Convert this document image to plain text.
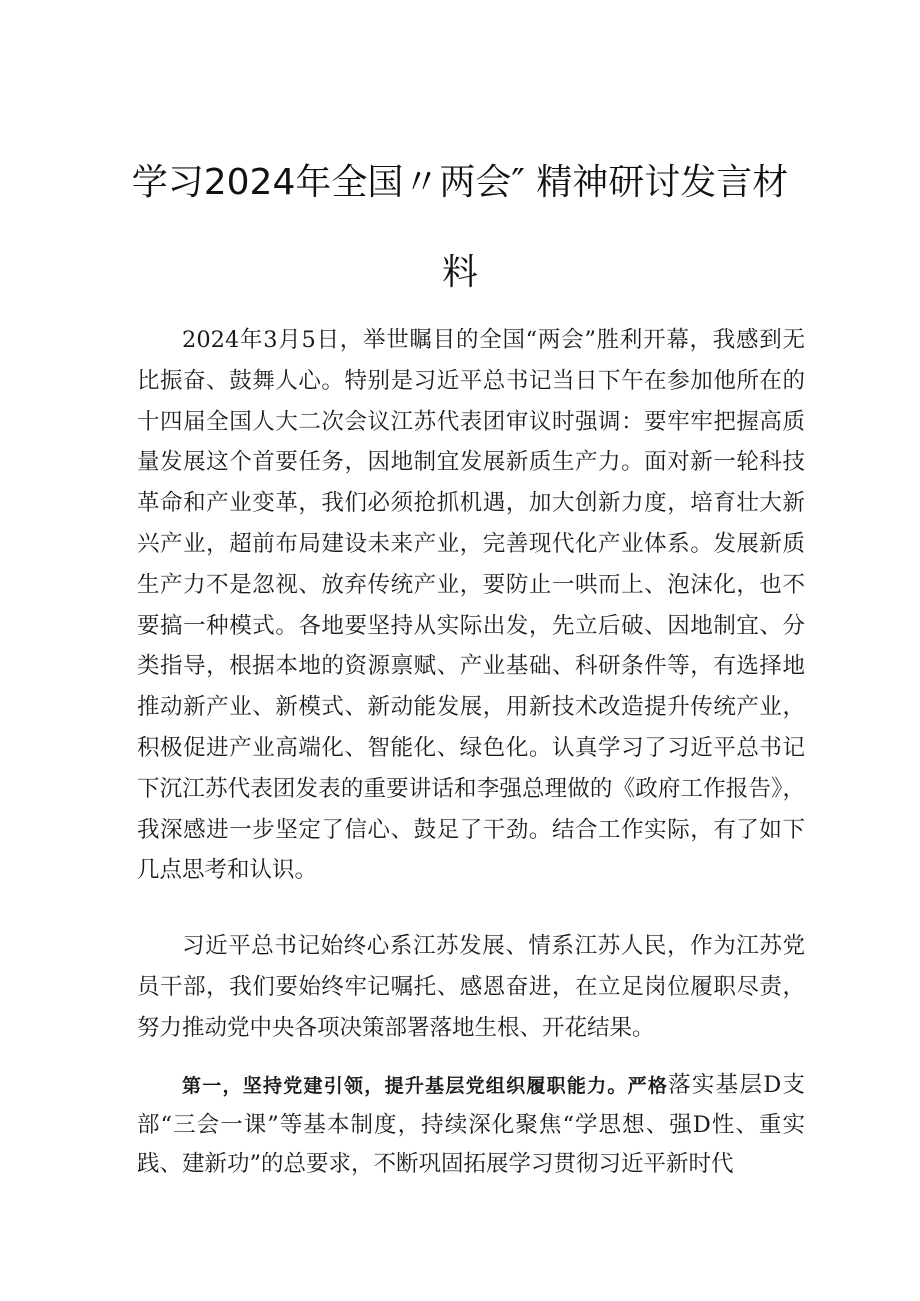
学习2024年全国〃两会″ 精神研讨发言材料

2024年3月5日，举世瞩目的全国“两会”胜利开幕，我感到无比振奋、鼓舞人心。特别是习近平总书记当日下午在参加他所在的十四届全国人大二次会议江苏代表团审议时强调：要牢牢把握高质量发展这个首要任务，因地制宜发展新质生产力。面对新一轮科技革命和产业变革，我们必须抢抓机遇，加大创新力度，培育壮大新兴产业，超前布局建设未来产业，完善现代化产业体系。发展新质生产力不是忽视、放弃传统产业，要防止一哄而上、泡沫化，也不要搞一种模式。各地要坚持从实际出发，先立后破、因地制宜、分类指导，根据本地的资源禀赋、产业基础、科研条件等，有选择地推动新产业、新模式、新动能发展，用新技术改造提升传统产业，积极促进产业高端化、智能化、绿色化。认真学习了习近平总书记下沉江苏代表团发表的重要讲话和李强总理做的《政府工作报告》，我深感进一步坚定了信心、鼓足了干劲。结合工作实际，有了如下几点思考和认识。

习近平总书记始终心系江苏发展、情系江苏人民，作为江苏党员干部，我们要始终牢记嘱托、感恩奋进，在立足岗位履职尽责，努力推动党中央各项决策部署落地生根、开花结果。

第一，坚持党建引领，提升基层党组织履职能力。严格落实基层D支部“三会一课”等基本制度，持续深化聚焦“学思想、强D性、重实践、建新功”的总要求，不断巩固拓展学习贯彻习近平新时代
